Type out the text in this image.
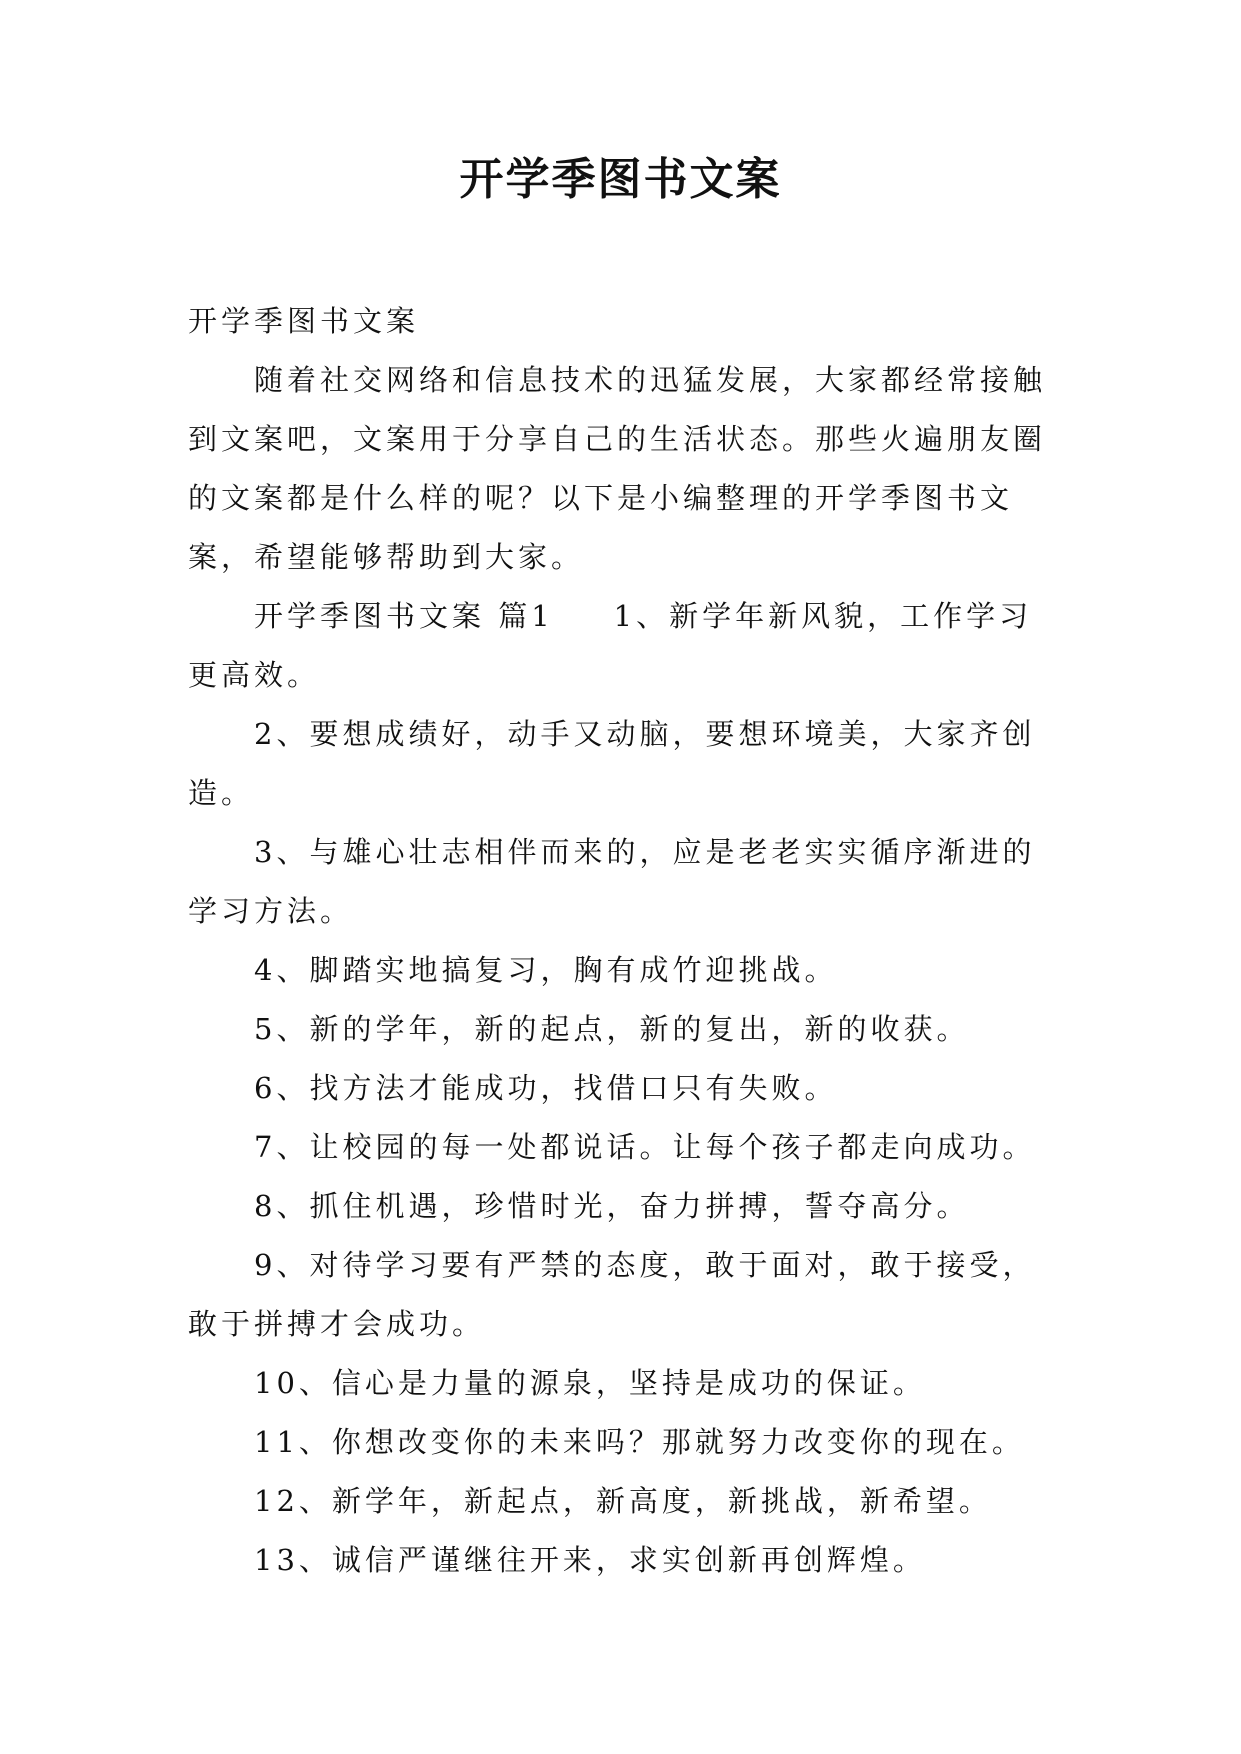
开学季图书文案

开学季图书文案

随着社交网络和信息技术的迅猛发展，大家都经常接触到文案吧，文案用于分享自己的生活状态。那些火遍朋友圈的文案都是什么样的呢？以下是小编整理的开学季图书文案，希望能够帮助到大家。

开学季图书文案 篇1 1、新学年新风貌，工作学习更高效。

2、要想成绩好，动手又动脑，要想环境美，大家齐创造。

3、与雄心壮志相伴而来的，应是老老实实循序渐进的学习方法。

4、脚踏实地搞复习，胸有成竹迎挑战。

5、新的学年，新的起点，新的复出，新的收获。

6、找方法才能成功，找借口只有失败。

7、让校园的每一处都说话。让每个孩子都走向成功。

8、抓住机遇，珍惜时光，奋力拼搏，誓夺高分。

9、对待学习要有严禁的态度，敢于面对，敢于接受，敢于拼搏才会成功。

10、信心是力量的源泉，坚持是成功的保证。

11、你想改变你的未来吗？那就努力改变你的现在。

12、新学年，新起点，新高度，新挑战，新希望。

13、诚信严谨继往开来，求实创新再创辉煌。
